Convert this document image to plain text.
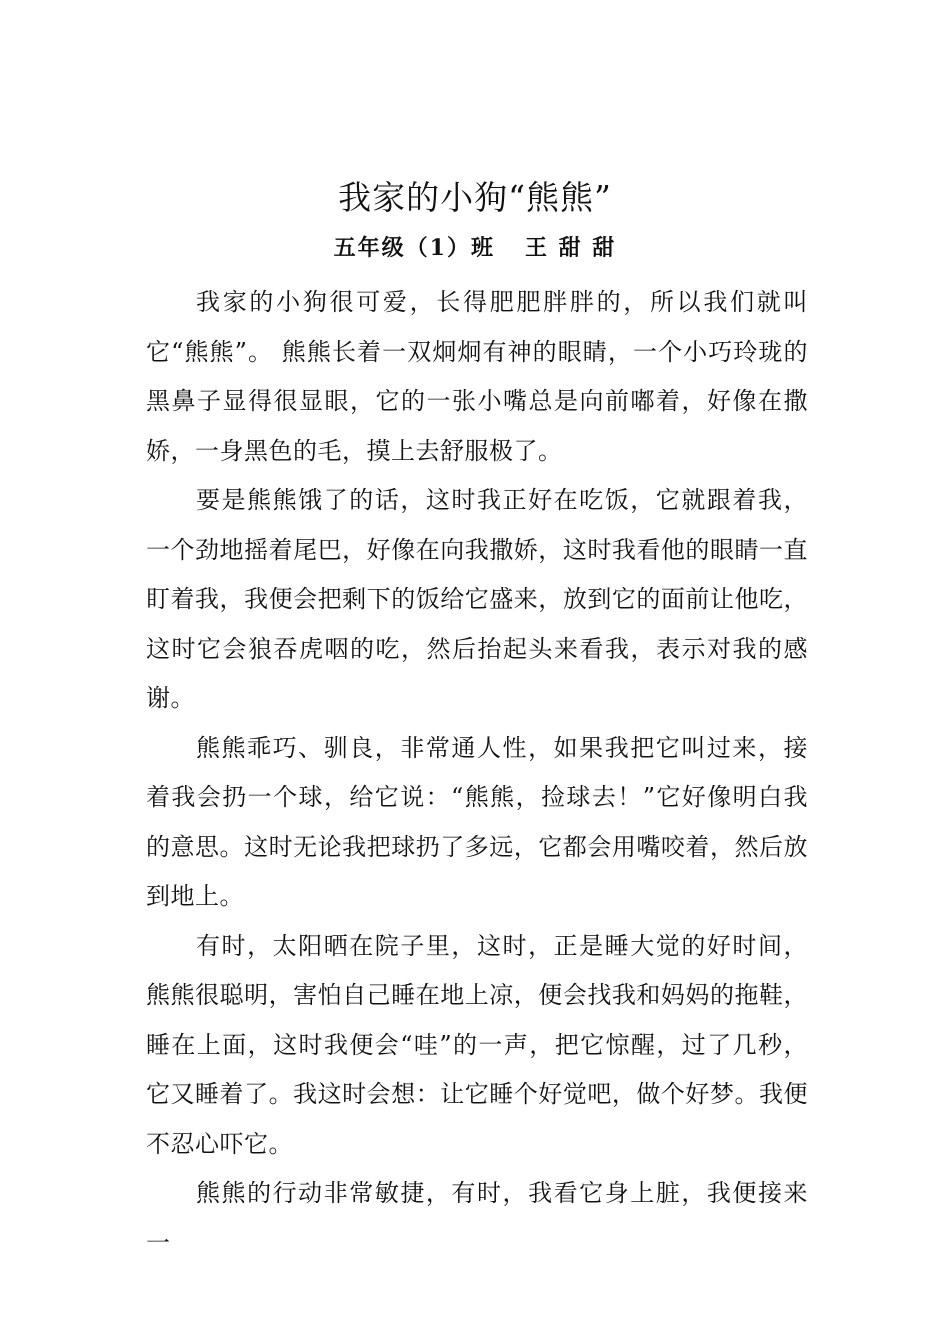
我家的小狗“熊熊”
五年级（1）班 王 甜 甜

我家的小狗很可爱，长得肥肥胖胖的，所以我们就叫它“熊熊”。 熊熊长着一双炯炯有神的眼睛，一个小巧玲珑的黑鼻子显得很显眼，它的一张小嘴总是向前嘟着，好像在撒娇，一身黑色的毛，摸上去舒服极了。

要是熊熊饿了的话，这时我正好在吃饭，它就跟着我，一个劲地摇着尾巴，好像在向我撒娇，这时我看他的眼睛一直盯着我，我便会把剩下的饭给它盛来，放到它的面前让他吃，这时它会狼吞虎咽的吃，然后抬起头来看我，表示对我的感谢。

熊熊乖巧、驯良，非常通人性，如果我把它叫过来，接着我会扔一个球，给它说：“熊熊，捡球去！”它好像明白我的意思。这时无论我把球扔了多远，它都会用嘴咬着，然后放到地上。

有时，太阳晒在院子里，这时，正是睡大觉的好时间，熊熊很聪明，害怕自己睡在地上凉，便会找我和妈妈的拖鞋，睡在上面，这时我便会“哇”的一声，把它惊醒，过了几秒，它又睡着了。我这时会想：让它睡个好觉吧，做个好梦。我便不忍心吓它。

熊熊的行动非常敏捷，有时，我看它身上脏，我便接来一
